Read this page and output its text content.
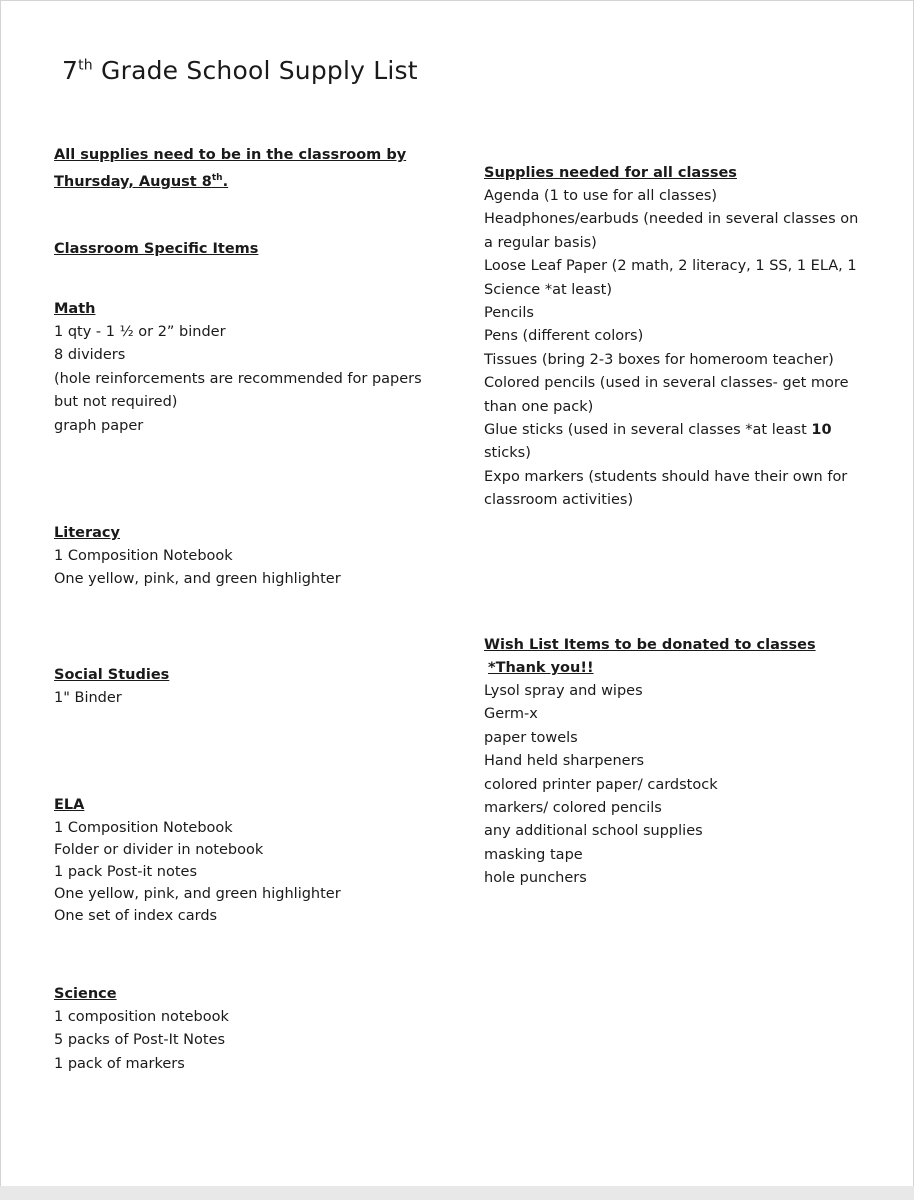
7th Grade School Supply List
All supplies need to be in the classroom by
Thursday, August 8th.
Classroom Specific Items
Math
1 qty - 1 ½ or 2” binder
8 dividers
(hole reinforcements are recommended for papers
but not required)
graph paper
Literacy
1 Composition Notebook
One yellow, pink, and green highlighter
Social Studies
1" Binder
ELA
1 Composition Notebook
Folder or divider in notebook
1 pack Post-it notes
One yellow, pink, and green highlighter
One set of index cards
Science
1 composition notebook
5 packs of Post-It Notes
1 pack of markers
Supplies needed for all classes
Agenda (1 to use for all classes)
Headphones/earbuds (needed in several classes on
a regular basis)
Loose Leaf Paper (2 math, 2 literacy, 1 SS, 1 ELA, 1
Science *at least)
Pencils
Pens (different colors)
Tissues (bring 2-3 boxes for homeroom teacher)
Colored pencils (used in several classes- get more
than one pack)
Glue sticks (used in several classes *at least 10
sticks)
Expo markers (students should have their own for
classroom activities)
Wish List Items to be donated to classes
*Thank you!!
Lysol spray and wipes
Germ-x
paper towels
Hand held sharpeners
colored printer paper/ cardstock
markers/ colored pencils
any additional school supplies
masking tape
hole punchers
